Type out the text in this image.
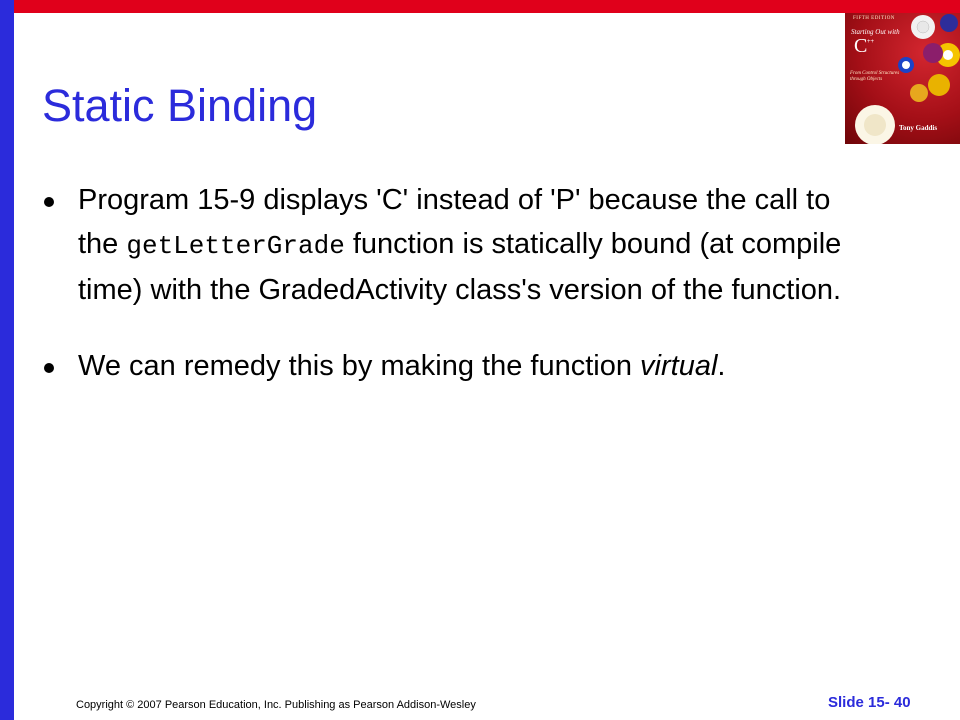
FIFTH EDITION
Starting Out with
C ++
From Control Structures through Objects
Tony Gaddis
Static Binding
Program 15-9 displays 'C' instead of 'P' because the call to the getLetterGrade function is statically bound (at compile time) with the GradedActivity class's version of the function.
We can remedy this by making the function virtual.
Copyright © 2007 Pearson Education, Inc. Publishing as Pearson Addison-Wesley	Slide 15- 40
